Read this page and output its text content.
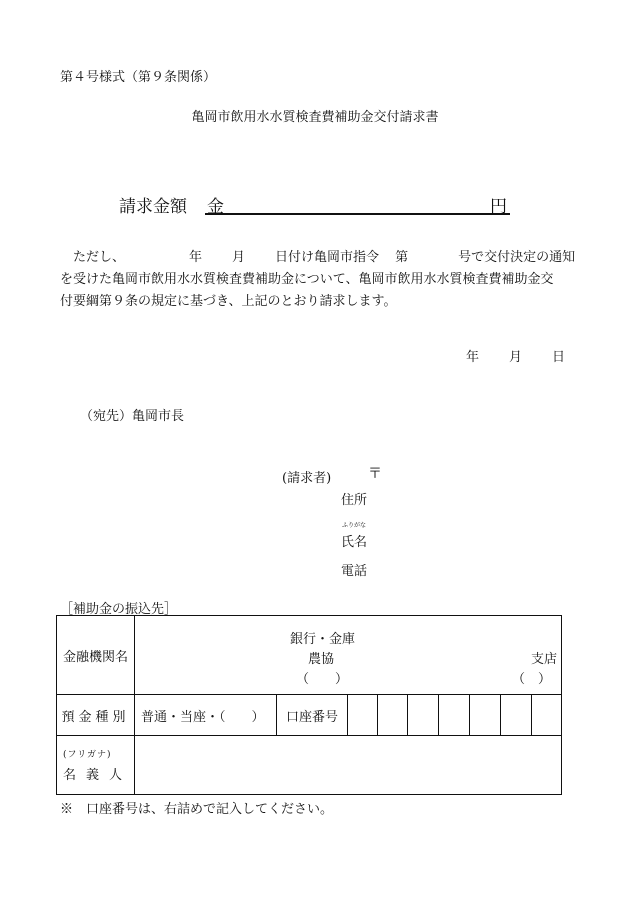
第４号様式（第９条関係）
亀岡市飲用水水質検査費補助金交付請求書
請求金額 金	円
ただし、	年 月 日付け亀岡市指令 第	号で交付決定の通知
を受けた亀岡市飲用水水質検査費補助金について、亀岡市飲用水水質検査費補助金交
付要綱第９条の規定に基づき、上記のとおり請求します。
年 月 日
（宛先）亀岡市長
(請求者)	〒
住所
ふりがな
氏名
電話
［補助金の振込先］
金融機関名	銀行・金庫
農協
（　　）
支店
（　）								

預金種別	普通・当座・（　　）	口座番号							

(フリガナ)
名義人									
※　口座番号は、右詰めで記入してください。
